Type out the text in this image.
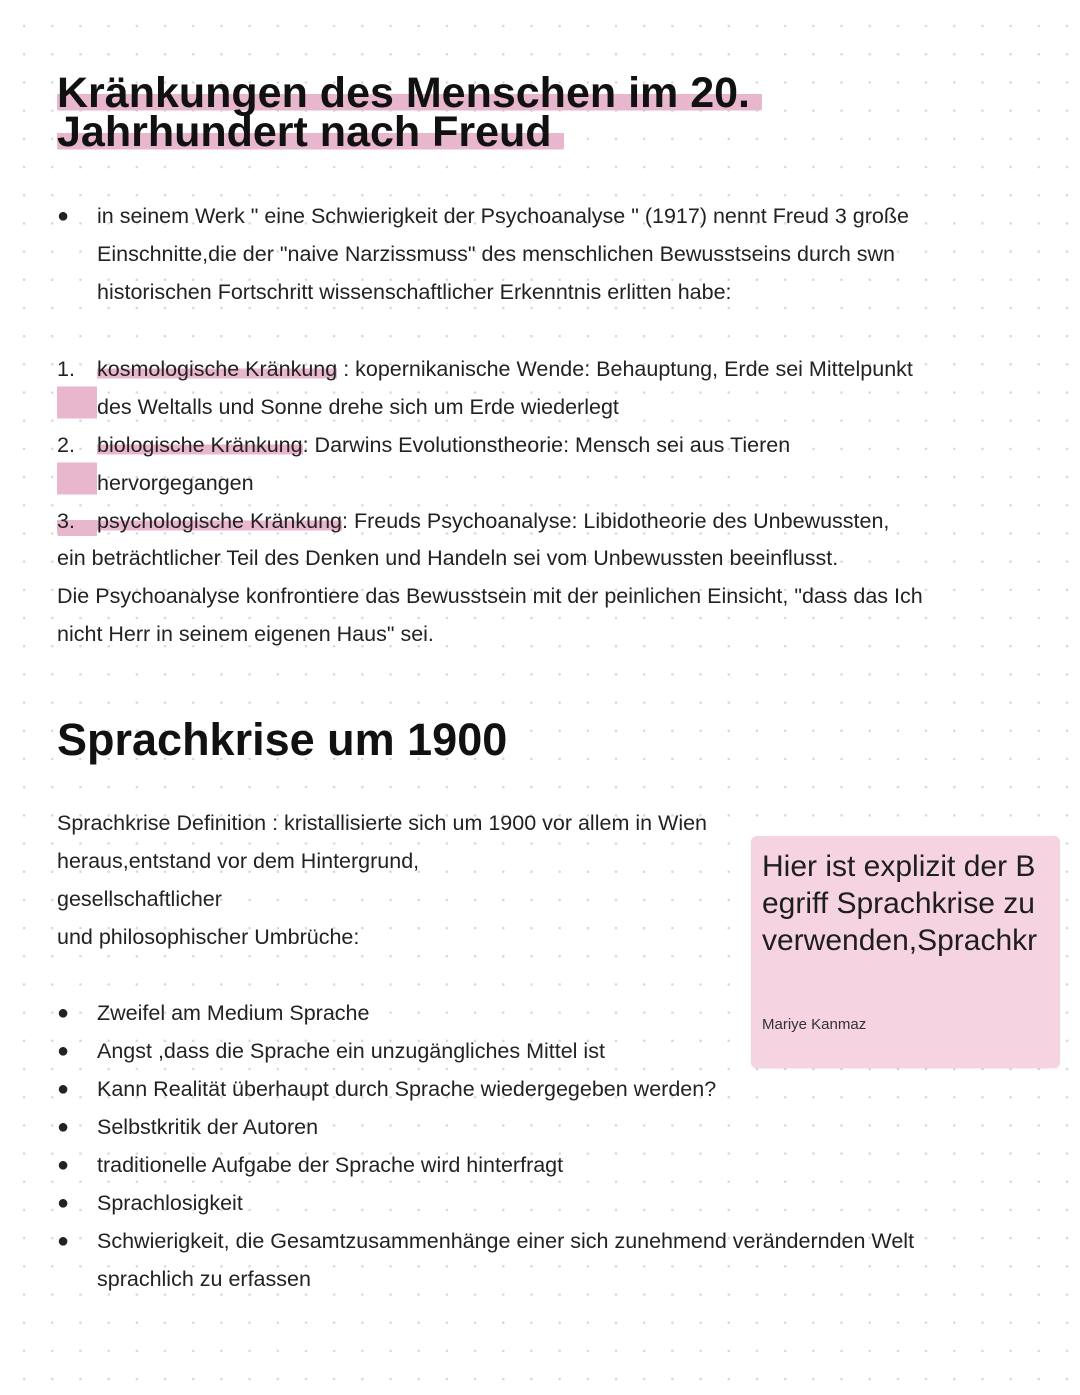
Kränkungen des Menschen im 20.
Jahrhundert nach Freud
●	in seinem Werk " eine Schwierigkeit der Psychoanalyse " (1917) nennt Freud 3 große
Einschnitte,die der "naive Narzissmuss" des menschlichen Bewusstseins durch swn
historischen Fortschritt wissenschaftlicher Erkenntnis erlitten habe:
1.	kosmologische Kränkung : kopernikanische Wende: Behauptung, Erde sei Mittelpunkt
des Weltalls und Sonne drehe sich um Erde wiederlegt
2.	biologische Kränkung: Darwins Evolutionstheorie: Mensch sei aus Tieren
hervorgegangen
3.	psychologische Kränkung: Freuds Psychoanalyse: Libidotheorie des Unbewussten,
ein beträchtlicher Teil des Denken und Handeln sei vom Unbewussten beeinflusst.
Die Psychoanalyse konfrontiere das Bewusstsein mit der peinlichen Einsicht, "dass das Ich
nicht Herr in seinem eigenen Haus" sei.
Sprachkrise um 1900
Sprachkrise Definition : kristallisierte sich um 1900 vor allem in Wien
heraus,entstand vor dem Hintergrund,
gesellschaftlicher
und philosophischer Umbrüche:
●	Zweifel am Medium Sprache
●	Angst ,dass die Sprache ein unzugängliches Mittel ist
●	Kann Realität überhaupt durch Sprache wiedergegeben werden?
●	Selbstkritik der Autoren
●	traditionelle Aufgabe der Sprache wird hinterfragt
●	Sprachlosigkeit
●	Schwierigkeit, die Gesamtzusammenhänge einer sich zunehmend verändernden Welt
sprachlich zu erfassen
Hier ist explizit der Begriff Sprachkrise zu verwenden,Sprachkr
Mariye Kanmaz
